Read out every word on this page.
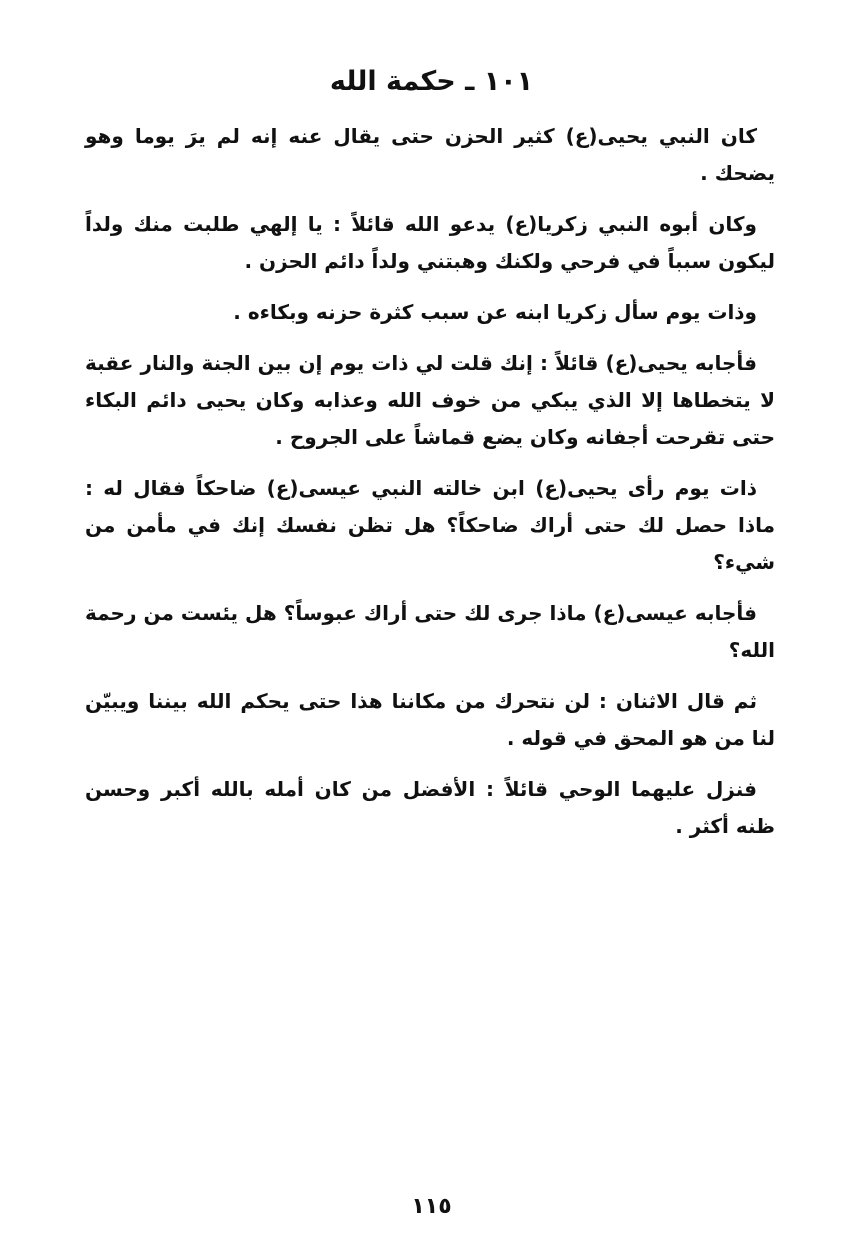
١٠١ ـ حكمة الله

كان النبي يحيى(ع) كثير الحزن حتى يقال عنه إنه لم يرَ يوما وهو يضحك .

وكان أبوه النبي زكريا(ع) يدعو الله قائلاً : يا إلهي طلبت منك ولداً ليكون سبباً في فرحي ولكنك وهبتني ولداً دائم الحزن .

وذات يوم سأل زكريا ابنه عن سبب كثرة حزنه وبكاءه .

فأجابه يحيى(ع) قائلاً : إنك قلت لي ذات يوم إن بين الجنة والنار عقبة لا يتخطاها إلا الذي يبكي من خوف الله وعذابه وكان يحيى دائم البكاء حتى تقرحت أجفانه وكان يضع قماشاً على الجروح .

ذات يوم رأى يحيى(ع) ابن خالته النبي عيسى(ع) ضاحكاً فقال له : ماذا حصل لك حتى أراك ضاحكاً؟ هل تظن نفسك إنك في مأمن من شيء؟

فأجابه عيسى(ع) ماذا جرى لك حتى أراك عبوساً؟ هل يئست من رحمة الله؟

ثم قال الاثنان : لن نتحرك من مكاننا هذا حتى يحكم الله بيننا ويبيّن لنا من هو المحق في قوله .

فنزل عليهما الوحي قائلاً : الأفضل من كان أمله بالله أكبر وحسن ظنه أكثر .

١١٥
